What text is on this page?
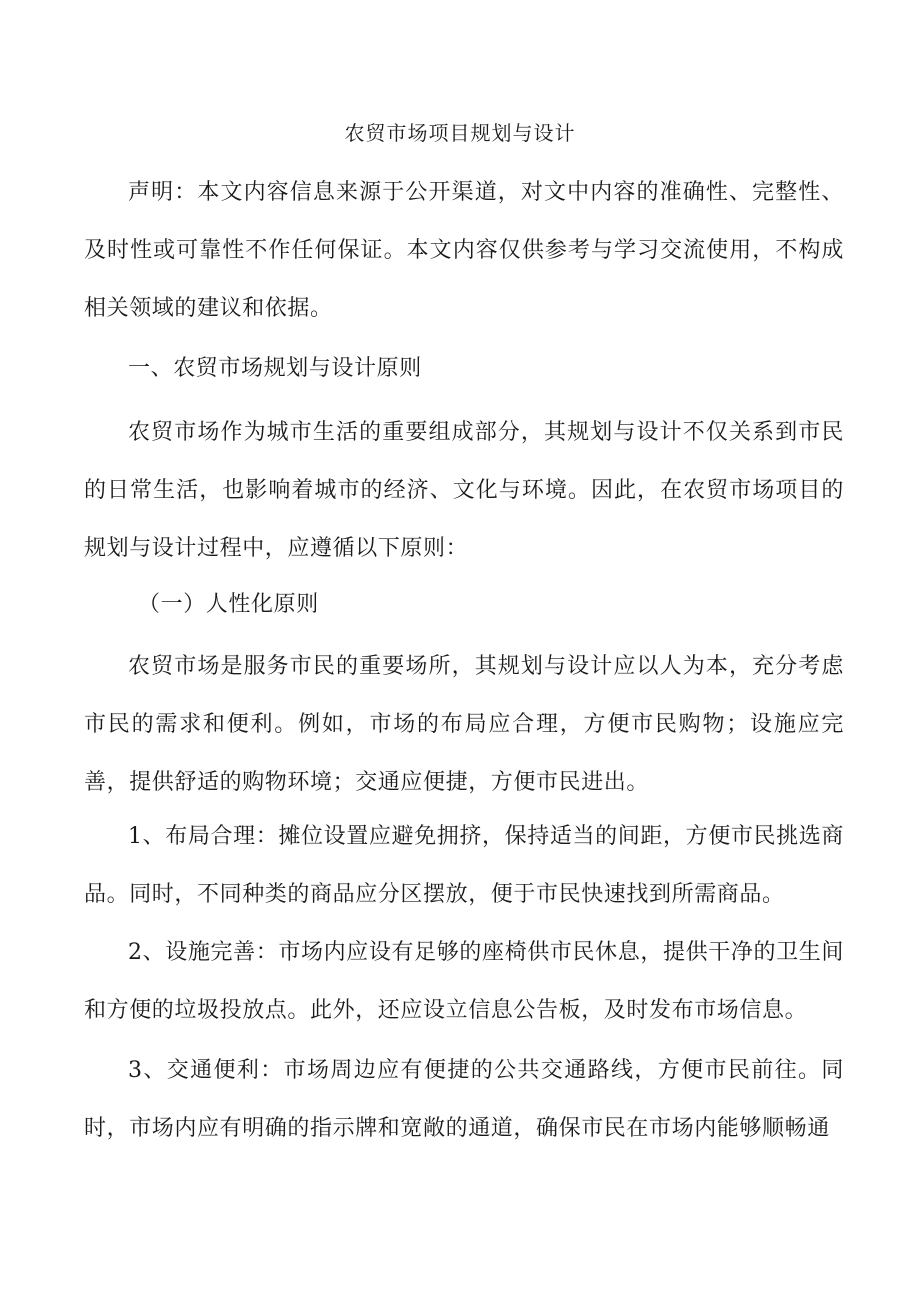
农贸市场项目规划与设计

声明：本文内容信息来源于公开渠道，对文中内容的准确性、完整性、及时性或可靠性不作任何保证。本文内容仅供参考与学习交流使用，不构成相关领域的建议和依据。

一、农贸市场规划与设计原则

农贸市场作为城市生活的重要组成部分，其规划与设计不仅关系到市民的日常生活，也影响着城市的经济、文化与环境。因此，在农贸市场项目的规划与设计过程中，应遵循以下原则：

（一）人性化原则

农贸市场是服务市民的重要场所，其规划与设计应以人为本，充分考虑市民的需求和便利。例如，市场的布局应合理，方便市民购物；设施应完善，提供舒适的购物环境；交通应便捷，方便市民进出。

1、布局合理：摊位设置应避免拥挤，保持适当的间距，方便市民挑选商品。同时，不同种类的商品应分区摆放，便于市民快速找到所需商品。

2、设施完善：市场内应设有足够的座椅供市民休息，提供干净的卫生间和方便的垃圾投放点。此外，还应设立信息公告板，及时发布市场信息。

3、交通便利：市场周边应有便捷的公共交通路线，方便市民前往。同时，市场内应有明确的指示牌和宽敞的通道，确保市民在市场内能够顺畅通
